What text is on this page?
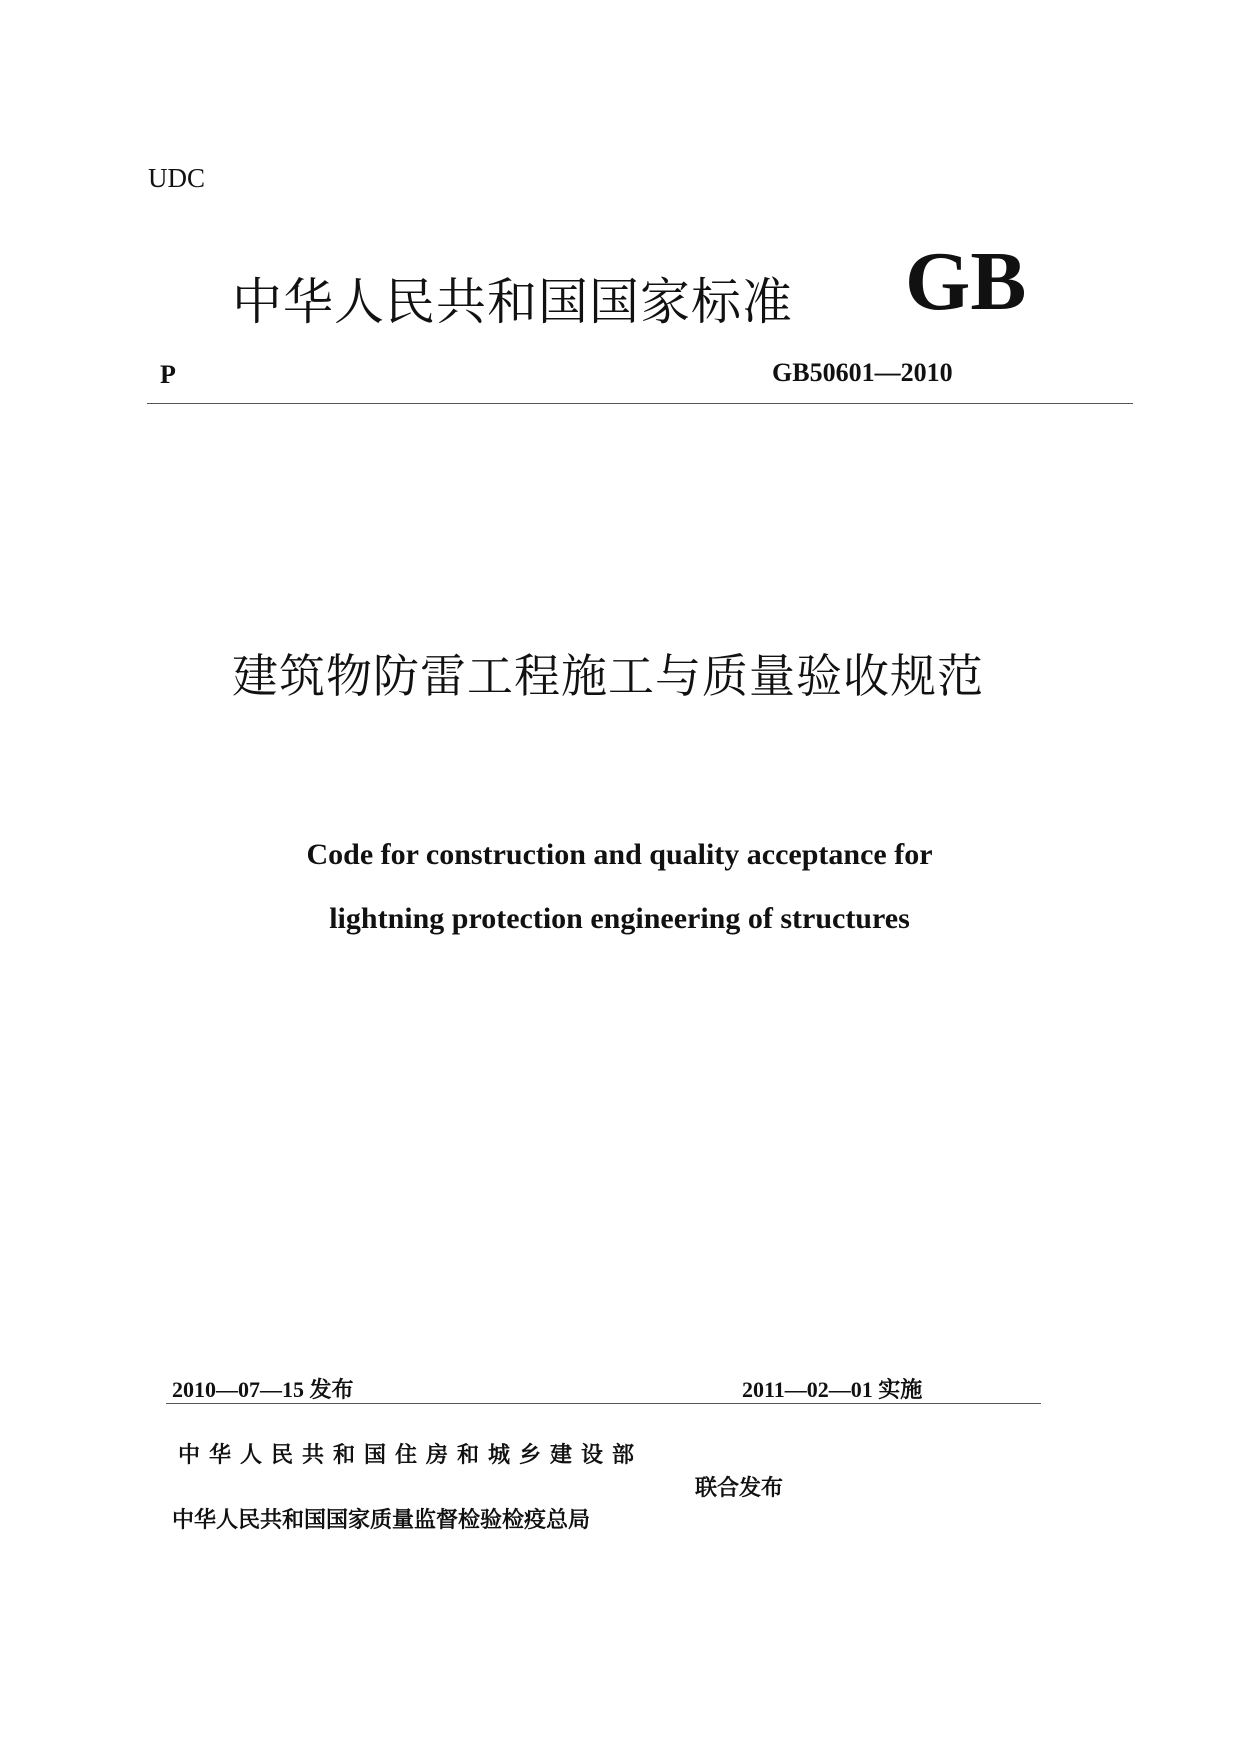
UDC
中华人民共和国国家标准 GB
P	GB50601—2010
建筑物防雷工程施工与质量验收规范
Code for construction and quality acceptance for
lightning protection engineering of structures
2010—07—15 发布	2011—02—01 实施
中华人民共和国住房和城乡建设部
中华人民共和国国家质量监督检验检疫总局
联合发布
